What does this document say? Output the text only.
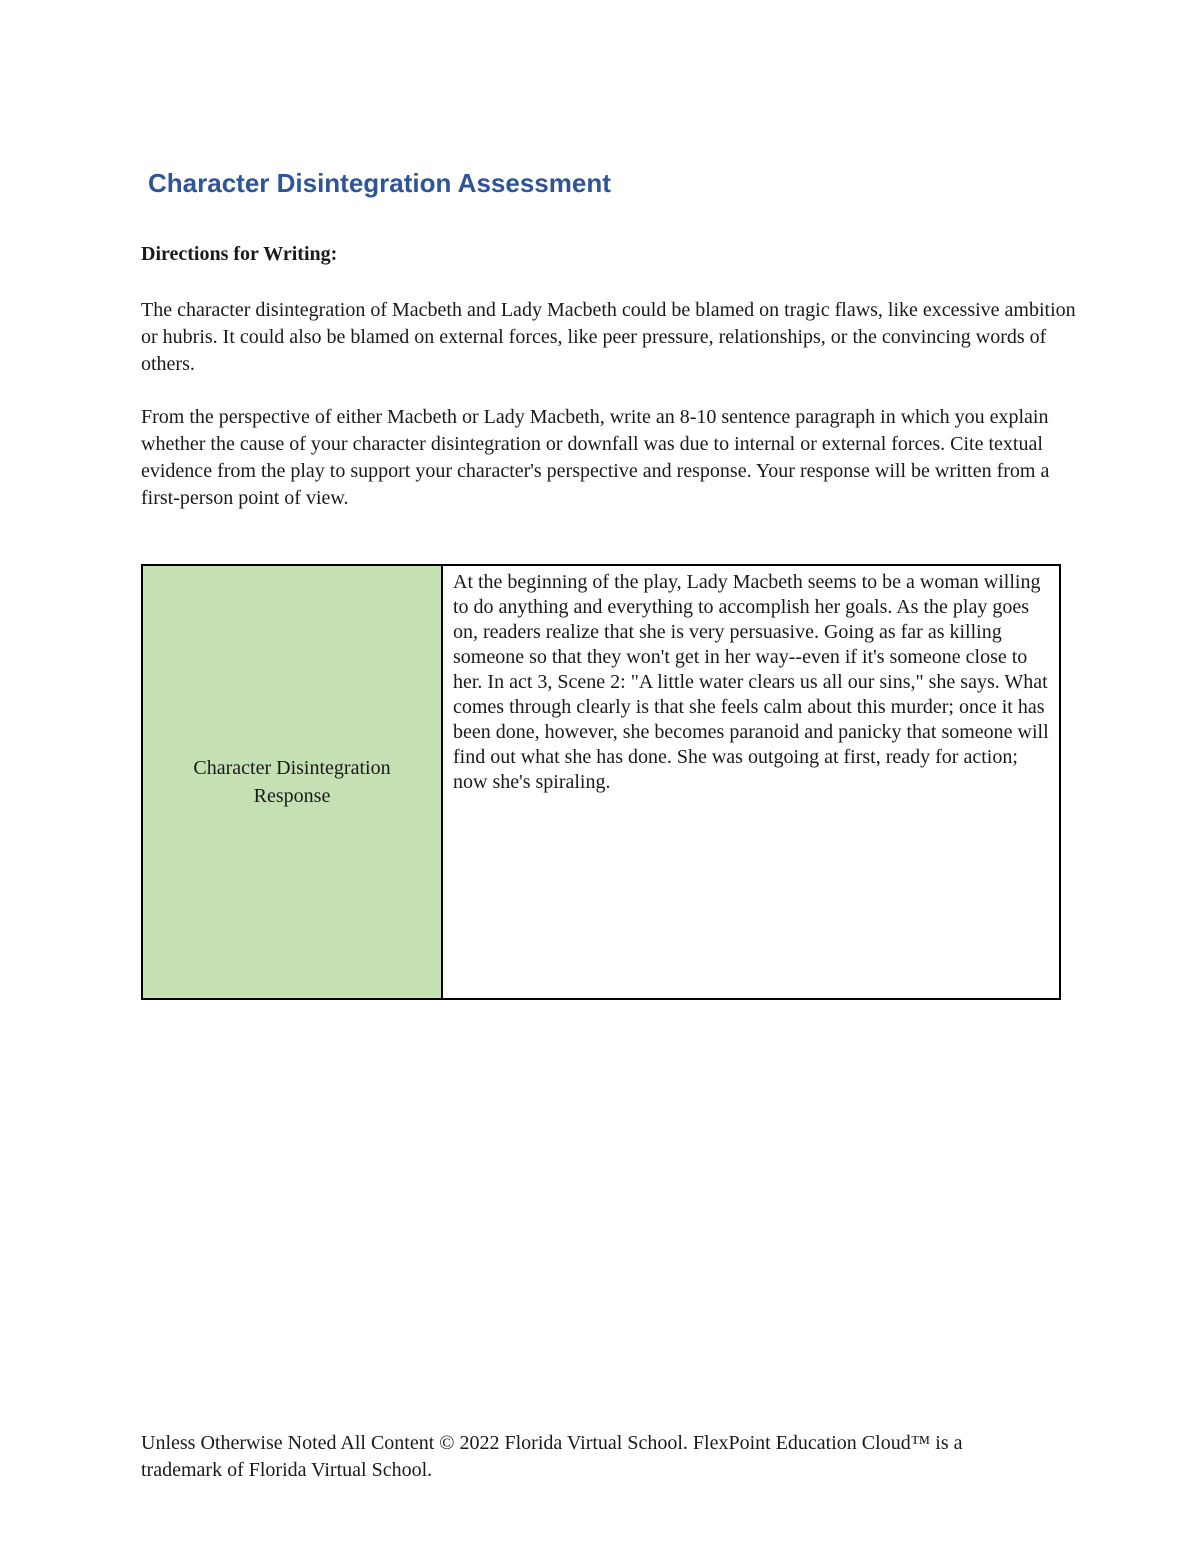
Character Disintegration Assessment

Directions for Writing:

The character disintegration of Macbeth and Lady Macbeth could be blamed on tragic flaws, like excessive ambition or hubris. It could also be blamed on external forces, like peer pressure, relationships, or the convincing words of others.

From the perspective of either Macbeth or Lady Macbeth, write an 8-10 sentence paragraph in which you explain whether the cause of your character disintegration or downfall was due to internal or external forces. Cite textual evidence from the play to support your character's perspective and response. Your response will be written from a first-person point of view.

Character Disintegration Response
At the beginning of the play, Lady Macbeth seems to be a woman willing to do anything and everything to accomplish her goals. As the play goes on, readers realize that she is very persuasive. Going as far as killing someone so that they won't get in her way--even if it's someone close to her. In act 3, Scene 2: "A little water clears us all our sins," she says. What comes through clearly is that she feels calm about this murder; once it has been done, however, she becomes paranoid and panicky that someone will find out what she has done. She was outgoing at first, ready for action; now she's spiraling.

Unless Otherwise Noted All Content © 2022 Florida Virtual School. FlexPoint Education Cloud™ is a trademark of Florida Virtual School.
